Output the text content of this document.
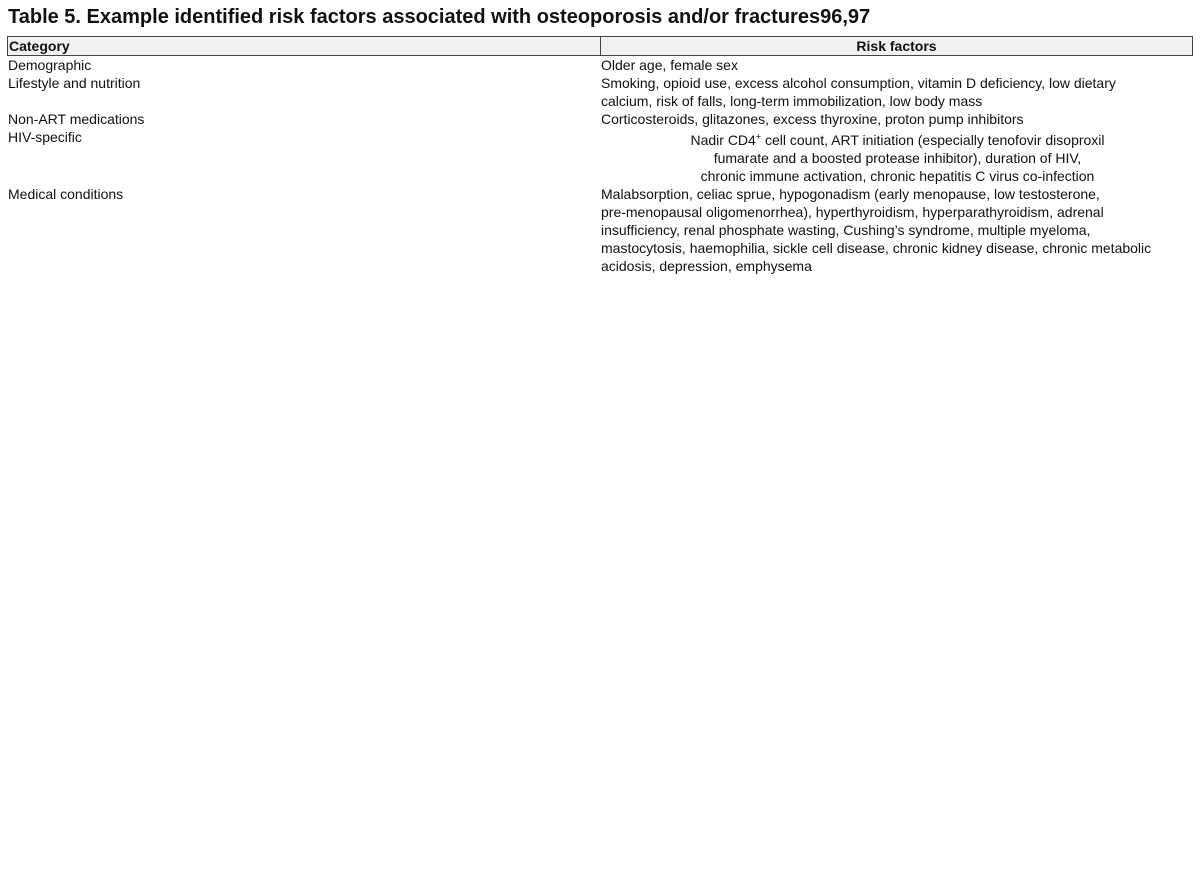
Table 5. Example identified risk factors associated with osteoporosis and/or fractures96,97
Category	Risk factors
Demographic	Older age, female sex
Lifestyle and nutrition	Smoking, opioid use, excess alcohol consumption, vitamin D deficiency, low dietary
calcium, risk of falls, long-term immobilization, low body mass
Non-ART medications	Corticosteroids, glitazones, excess thyroxine, proton pump inhibitors
HIV-specific	Nadir CD4+ cell count, ART initiation (especially tenofovir disoproxil
fumarate and a boosted protease inhibitor), duration of HIV,
chronic immune activation, chronic hepatitis C virus co-infection
Medical conditions	Malabsorption, celiac sprue, hypogonadism (early menopause, low testosterone,
pre-menopausal oligomenorrhea), hyperthyroidism, hyperparathyroidism, adrenal
insufficiency, renal phosphate wasting, Cushing’s syndrome, multiple myeloma,
mastocytosis, haemophilia, sickle cell disease, chronic kidney disease, chronic metabolic
acidosis, depression, emphysema
